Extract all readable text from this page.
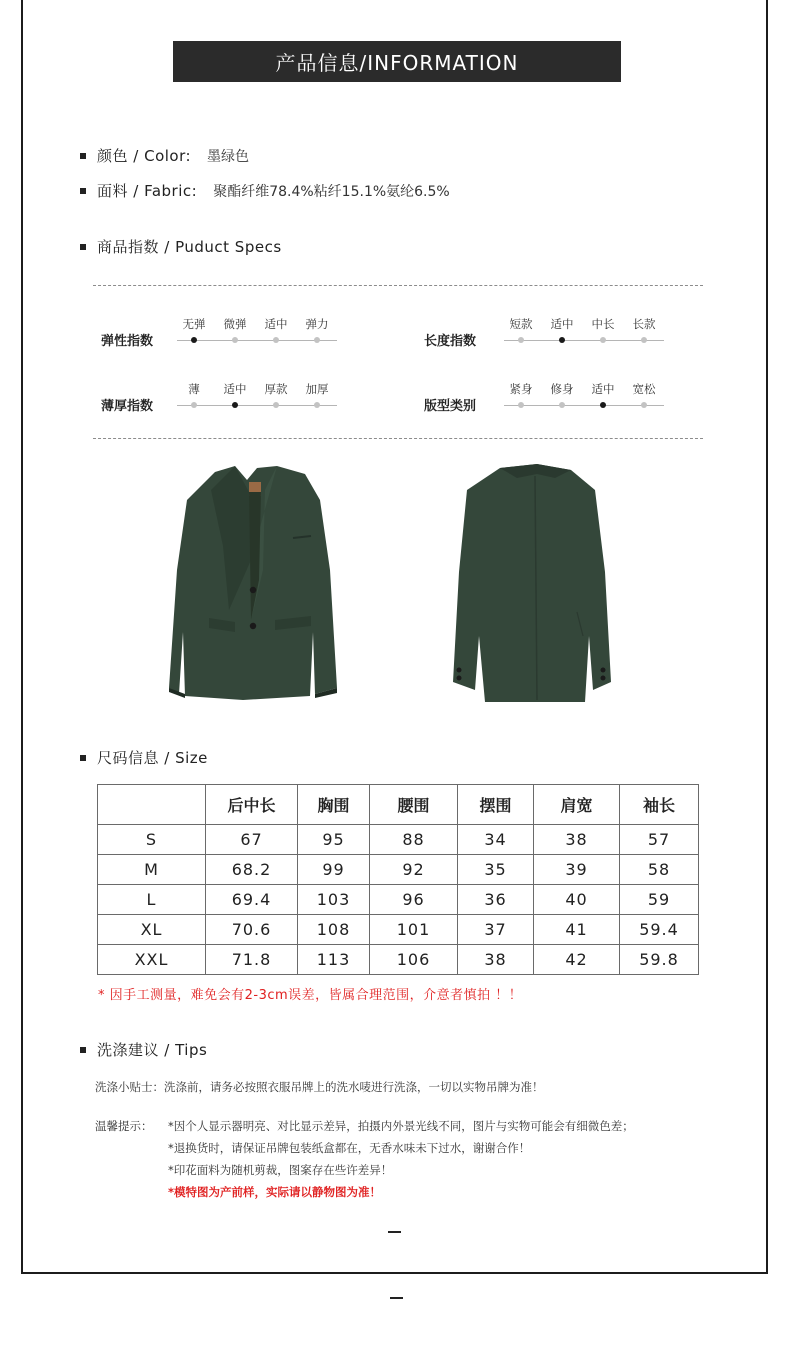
产品信息/INFORMATION
颜色 / Color: 墨绿色
面料 / Fabric: 聚酯纤维78.4%粘纤15.1%氨纶6.5%
商品指数 / Puduct Specs
弹性指数
无弹	微弹	适中	弹力
长度指数
短款	适中	中长	长款
薄厚指数
薄	适中	厚款	加厚
版型类别
紧身	修身	适中	宽松
尺码信息 / Size
	后中长	胸围	腰围	摆围	肩宽	袖长
S	67	95	88	34	38	57
M	68.2	99	92	35	39	58
L	69.4	103	96	36	40	59
XL	70.6	108	101	37	41	59.4
XXL	71.8	113	106	38	42	59.8
* 因手工测量，难免会有2-3cm误差，皆属合理范围，介意者慎拍 ！！
洗涤建议 / Tips
洗涤小贴士：洗涤前，请务必按照衣服吊牌上的洗水唛进行洗涤，一切以实物吊牌为准！
温馨提示： *因个人显示器明亮、对比显示差异，拍摄内外景光线不同，图片与实物可能会有细微色差；
*退换货时，请保证吊牌包装纸盒都在，无香水味未下过水，谢谢合作！
*印花面料为随机剪裁，图案存在些许差异！
*模特图为产前样，实际请以静物图为准！
